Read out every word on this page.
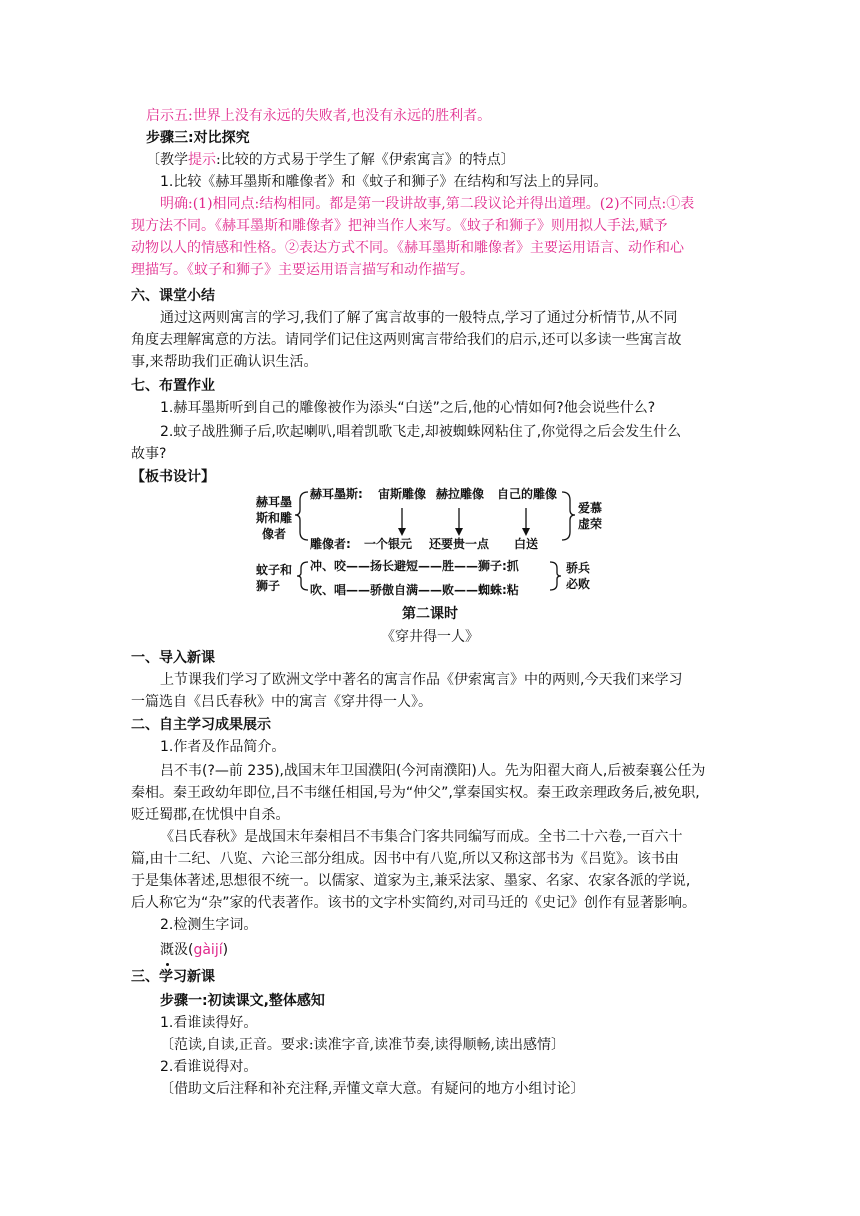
启示五:世界上没有永远的失败者,也没有永远的胜利者。
步骤三:对比探究
〔教学提示:比较的方式易于学生了解《伊索寓言》的特点〕
1.比较《赫耳墨斯和雕像者》和《蚊子和狮子》在结构和写法上的异同。
明确:(1)相同点:结构相同。都是第一段讲故事,第二段议论并得出道理。(2)不同点:①表
现方法不同。《赫耳墨斯和雕像者》把神当作人来写。《蚊子和狮子》则用拟人手法,赋予
动物以人的情感和性格。②表达方式不同。《赫耳墨斯和雕像者》主要运用语言、动作和心
理描写。《蚊子和狮子》主要运用语言描写和动作描写。
六、课堂小结
通过这两则寓言的学习,我们了解了寓言故事的一般特点,学习了通过分析情节,从不同
角度去理解寓意的方法。请同学们记住这两则寓言带给我们的启示,还可以多读一些寓言故
事,来帮助我们正确认识生活。
七、布置作业
1.赫耳墨斯听到自己的雕像被作为添头“白送”之后,他的心情如何?他会说些什么?
2.蚊子战胜狮子后,吹起喇叭,唱着凯歌飞走,却被蜘蛛网粘住了,你觉得之后会发生什么
故事?
【板书设计】
赫耳墨
斯和雕
像者
赫耳墨斯: 宙斯雕像 赫拉雕像 自己的雕像
雕像者: 一个银元 还要贵一点 白送
爱慕
虚荣
蚊子和
狮子
冲、咬——扬长避短——胜——狮子:抓
吹、唱——骄傲自满——败——蜘蛛:粘
骄兵
必败
第二课时
《穿井得一人》
一、导入新课
上节课我们学习了欧洲文学中著名的寓言作品《伊索寓言》中的两则,今天我们来学习
一篇选自《吕氏春秋》中的寓言《穿井得一人》。
二、自主学习成果展示
1.作者及作品简介。
吕不韦(?—前 235),战国末年卫国濮阳(今河南濮阳)人。先为阳翟大商人,后被秦襄公任为
秦相。秦王政幼年即位,吕不韦继任相国,号为“仲父”,掌秦国实权。秦王政亲理政务后,被免职,
贬迁蜀郡,在忧惧中自杀。
《吕氏春秋》是战国末年秦相吕不韦集合门客共同编写而成。全书二十六卷,一百六十
篇,由十二纪、八览、六论三部分组成。因书中有八览,所以又称这部书为《吕览》。该书由
于是集体著述,思想很不统一。以儒家、道家为主,兼采法家、墨家、名家、农家各派的学说,
后人称它为“杂”家的代表著作。该书的文字朴实简约,对司马迁的《史记》创作有显著影响。
2.检测生字词。
溉汲(gàijí)
三、学习新课
步骤一:初读课文,整体感知
1.看谁读得好。
〔范读,自读,正音。要求:读准字音,读准节奏,读得顺畅,读出感情〕
2.看谁说得对。
〔借助文后注释和补充注释,弄懂文章大意。有疑问的地方小组讨论〕
